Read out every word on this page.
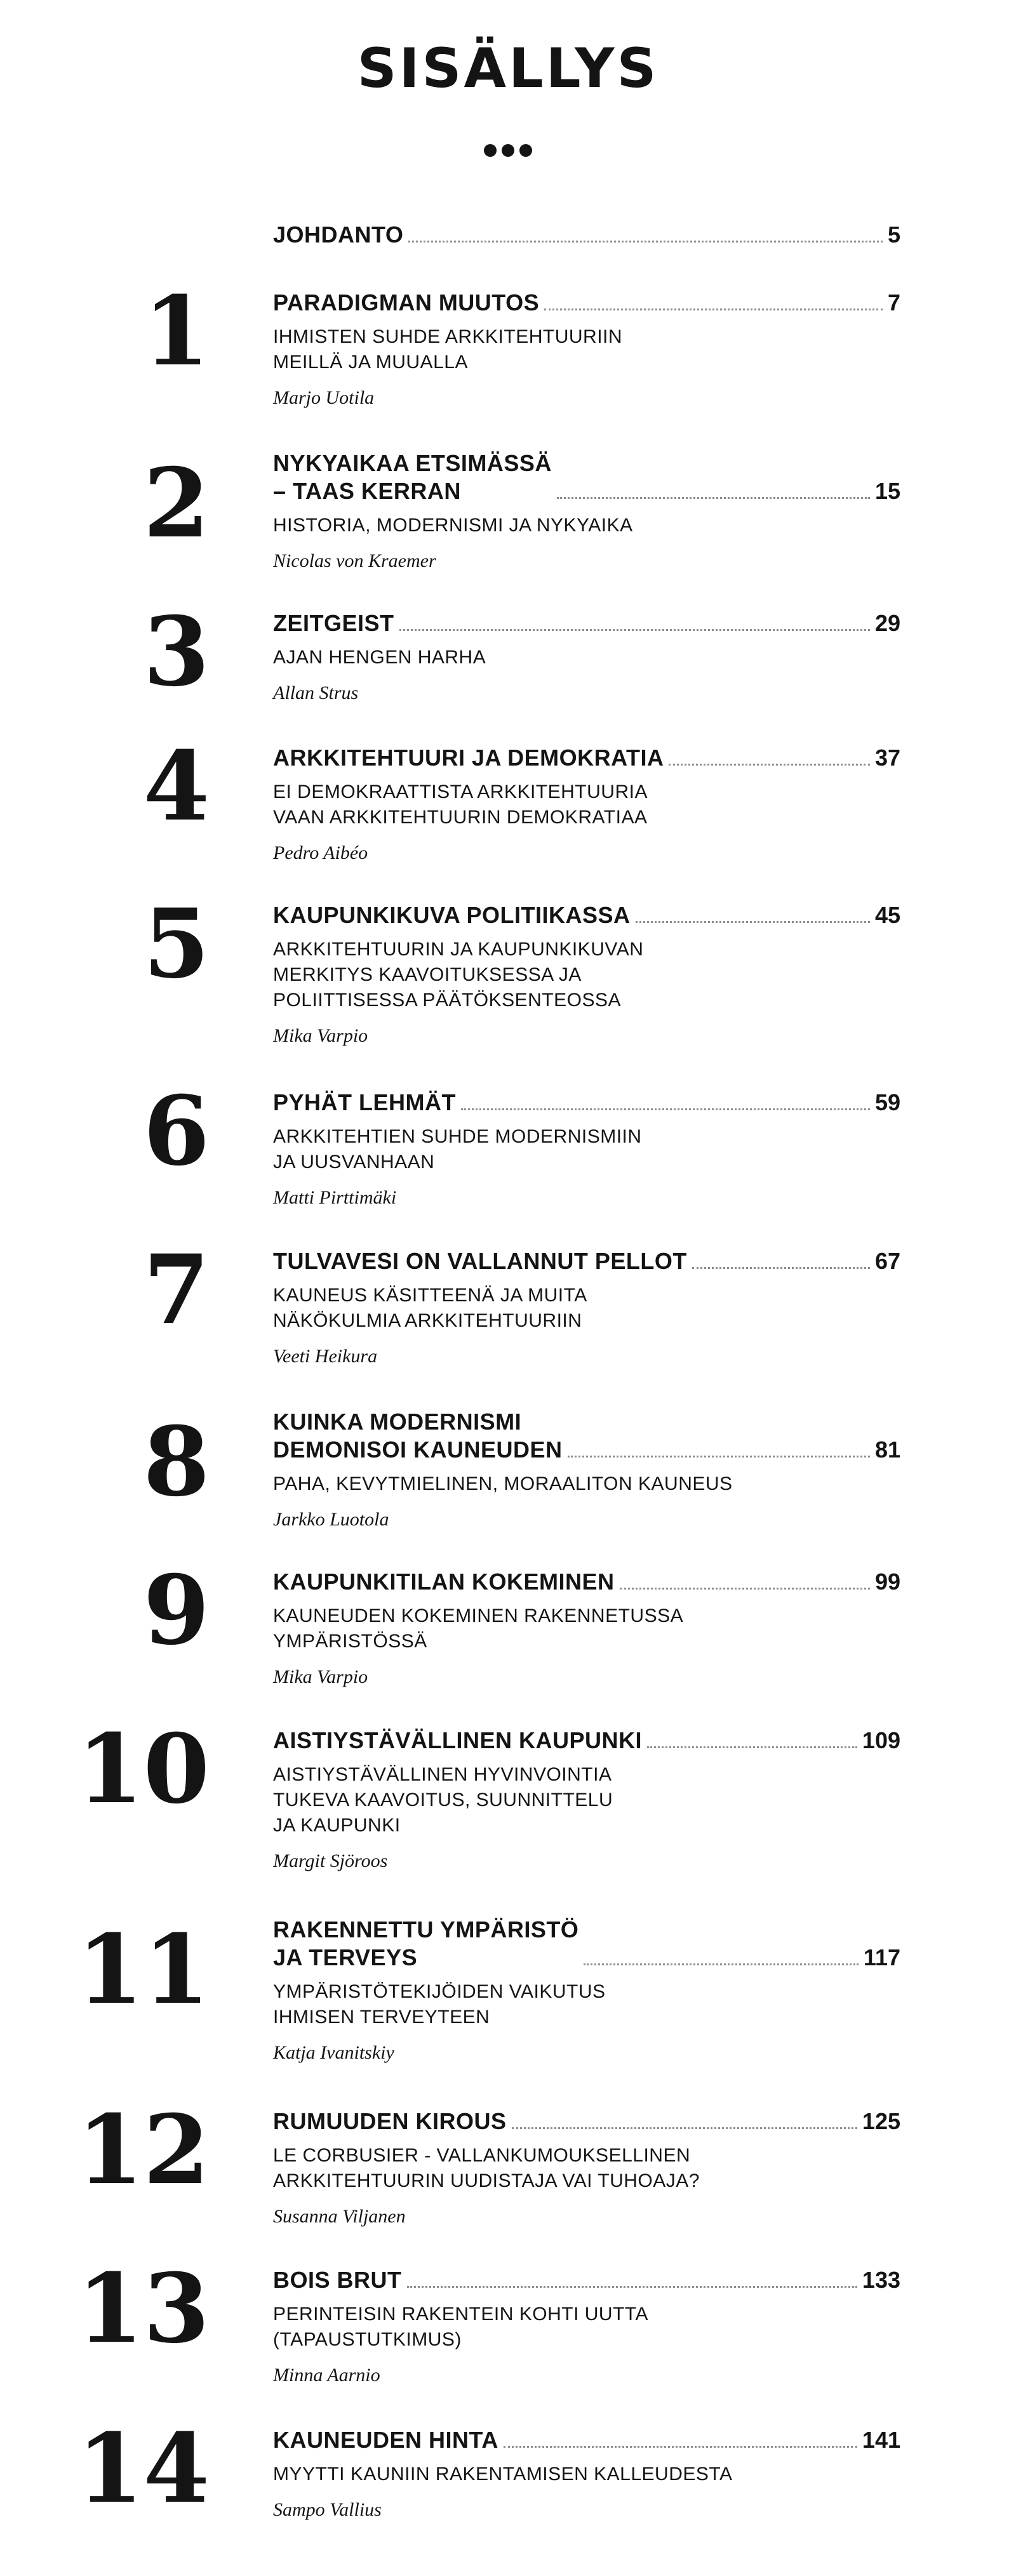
SISÄLLYS
JOHDANTO	5
1	PARADIGMAN MUUTOS	7
IHMISTEN SUHDE ARKKITEHTUURIIN
MEILLÄ JA MUUALLA
Marjo Uotila
2	NYKYAIKAA ETSIMÄSSÄ
– TAAS KERRAN	15
HISTORIA, MODERNISMI JA NYKYAIKA
Nicolas von Kraemer
3	ZEITGEIST	29
AJAN HENGEN HARHA
Allan Strus
4	ARKKITEHTUURI JA DEMOKRATIA	37
EI DEMOKRAATTISTA ARKKITEHTUURIA
VAAN ARKKITEHTUURIN DEMOKRATIAA
Pedro Aibéo
5	KAUPUNKIKUVA POLITIIKASSA	45
ARKKITEHTUURIN JA KAUPUNKIKUVAN
MERKITYS KAAVOITUKSESSA JA
POLIITTISESSA PÄÄTÖKSENTEOSSA
Mika Varpio
6	PYHÄT LEHMÄT	59
ARKKITEHTIEN SUHDE MODERNISMIIN
JA UUSVANHAAN
Matti Pirttimäki
7	TULVAVESI ON VALLANNUT PELLOT	67
KAUNEUS KÄSITTEENÄ JA MUITA
NÄKÖKULMIA ARKKITEHTUURIIN
Veeti Heikura
8	KUINKA MODERNISMI
DEMONISOI KAUNEUDEN	81
PAHA, KEVYTMIELINEN, MORAALITON KAUNEUS
Jarkko Luotola
9	KAUPUNKITILAN KOKEMINEN	99
KAUNEUDEN KOKEMINEN RAKENNETUSSA
YMPÄRISTÖSSÄ
Mika Varpio
10	AISTIYSTÄVÄLLINEN KAUPUNKI	109
AISTIYSTÄVÄLLINEN HYVINVOINTIA
TUKEVA KAAVOITUS, SUUNNITTELU
JA KAUPUNKI
Margit Sjöroos
11	RAKENNETTU YMPÄRISTÖ
JA TERVEYS	117
YMPÄRISTÖTEKIJÖIDEN VAIKUTUS
IHMISEN TERVEYTEEN
Katja Ivanitskiy
12	RUMUUDEN KIROUS	125
LE CORBUSIER - VALLANKUMOUKSELLINEN
ARKKITEHTUURIN UUDISTAJA VAI TUHOAJA?
Susanna Viljanen
13	BOIS BRUT	133
PERINTEISIN RAKENTEIN KOHTI UUTTA
(TAPAUSTUTKIMUS)
Minna Aarnio
14	KAUNEUDEN HINTA	141
MYYTTI KAUNIIN RAKENTAMISEN KALLEUDESTA
Sampo Vallius
